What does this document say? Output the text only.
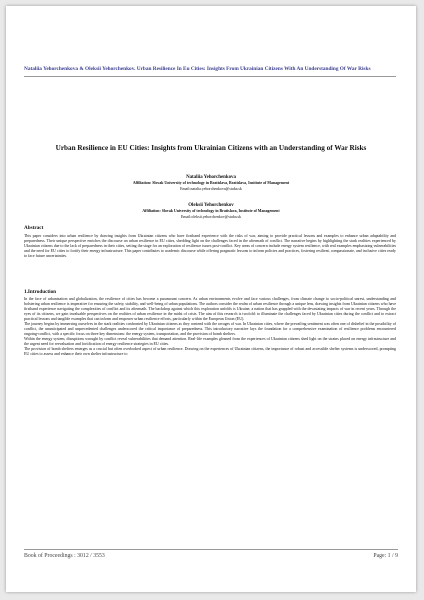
Nataliia Yehorchenkova & Oleksii Yehorchenkov. Urban Resilience In Eu Cities: Insights From Ukrainian Citizens With An Understanding Of War Risks
Urban Resilience in EU Cities: Insights from Ukrainian Citizens with an Understanding of War Risks
Nataliia Yehorchenkova
Affiliation: Slovak University of technology in Bratislava, Bratislava, Institute of Management
Email:natalia.yehorchenkova@stuba.sk
Oleksii Yehorchenkov
Affiliation: Slovak University of technology in Bratislava, Institute of Management
Email:oleksii.yehorchenkov@stuba.sk
Abstract
This paper considers into urban resilience by drawing insights from Ukrainian citizens who have firsthand experience with the risks of war, aiming to provide practical lessons and examples to enhance urban adaptability and preparedness. Their unique perspective enriches the discourse on urban resilience in EU cities, shedding light on the challenges faced in the aftermath of conflict. The narrative begins by highlighting the stark realities experienced by Ukrainian citizens due to the lack of preparedness in their cities, setting the stage for an exploration of resilience issues post-conflict. Key areas of concern include energy system resilience, with real examples emphasizing vulnerabilities and the need for EU cities to fortify their energy infrastructure. This paper contributes to academic discourse while offering pragmatic lessons to inform policies and practices, fostering resilient, compassionate, and inclusive cities ready to face future uncertainties.
1.Introduction

In the face of urbanization and globalization, the resilience of cities has become a paramount concern. As urban environments evolve and face various challenges, from climate change to socio-political unrest, understanding and bolstering urban resilience is imperative for ensuring the safety, stability, and well-being of urban populations. The authors consider the realm of urban resilience through a unique lens, drawing insights from Ukrainian citizens who have firsthand experience navigating the complexities of conflict and its aftermath. The backdrop against which this exploration unfolds is Ukraine, a nation that has grappled with the devastating impacts of war in recent years. Through the eyes of its citizens, we gain invaluable perspectives on the realities of urban resilience in the midst of crisis. The aim of this research is twofold: to illuminate the challenges faced by Ukrainian cities during the conflict and to extract practical lessons and tangible examples that can inform and empower urban resilience efforts, particularly within the European Union (EU).

The journey begins by immersing ourselves in the stark realities confronted by Ukrainian citizens as they contend with the ravages of war. In Ukrainian cities, where the prevailing sentiment was often one of disbelief in the possibility of conflict, the unanticipated and unprecedented challenges underscored the critical importance of preparedness. This introductory narrative lays the foundation for a comprehensive examination of resilience problems encountered ongoing-conflict, with a specific focus on three key dimensions: the energy system, transportation, and the provision of bomb shelters.

Within the energy system, disruptions wrought by conflict reveal vulnerabilities that demand attention. Real-life examples gleaned from the experiences of Ukrainian citizens shed light on the strains placed on energy infrastructure and the urgent need for reevaluation and fortification of energy resilience strategies in EU cities.

The provision of bomb shelters emerges as a crucial but often overlooked aspect of urban resilience. Drawing on the experiences of Ukrainian citizens, the importance of robust and accessible shelter systems is underscored, prompting EU cities to assess and enhance their own shelter infrastructure to

Book of Proceedings : 3012 / 3553	Page: 1 / 9
